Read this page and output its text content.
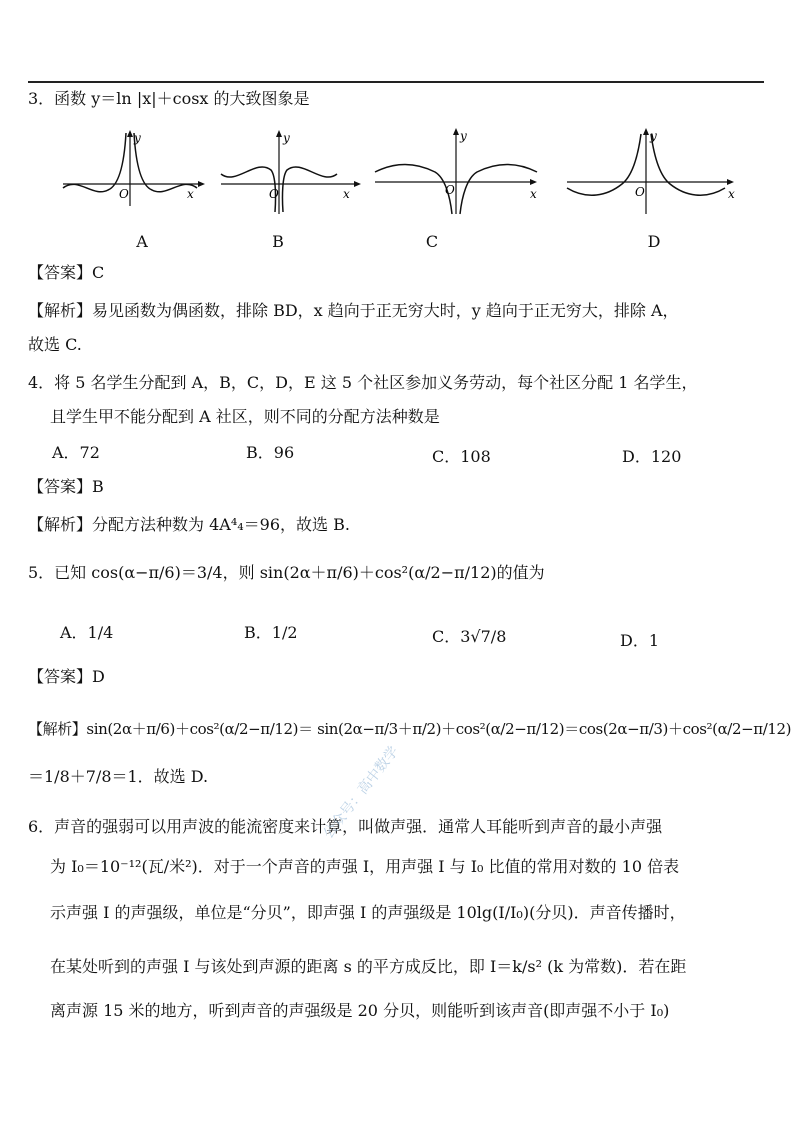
3．函数 y＝ln |x|＋cosx 的大致图象是
y
x
O
y
x
O
y
x
O
y
x
O
A	B	C	D
【答案】C
【解析】易见函数为偶函数，排除 BD，x 趋向于正无穷大时，y 趋向于正无穷大，排除 A，
故选 C.
4．将 5 名学生分配到 A，B，C，D，E 这 5 个社区参加义务劳动，每个社区分配 1 名学生，
且学生甲不能分配到 A 社区，则不同的分配方法种数是
A．72	B．96	C．108	D．120
【答案】B
【解析】分配方法种数为 4A⁴₄＝96，故选 B.
5．已知 cos(α−π/6)＝3/4，则 sin(2α＋π/6)＋cos²(α/2−π/12)的值为
A．1/4	B．1/2	C．3√7/8	D．1
【答案】D
【解析】sin(2α＋π/6)＋cos²(α/2−π/12)＝ sin(2α−π/3＋π/2)＋cos²(α/2−π/12)＝cos(2α−π/3)＋cos²(α/2−π/12)
＝1/8＋7/8＝1．故选 D.
6．声音的强弱可以用声波的能流密度来计算，叫做声强．通常人耳能听到声音的最小声强
为 I₀＝10⁻¹²(瓦/米²)．对于一个声音的声强 I，用声强 I 与 I₀ 比值的常用对数的 10 倍表
示声强 I 的声强级，单位是“分贝”，即声强 I 的声强级是 10lg(I/I₀)(分贝)．声音传播时，
在某处听到的声强 I 与该处到声源的距离 s 的平方成反比，即 I＝k/s² (k 为常数)．若在距
离声源 15 米的地方，听到声音的声强级是 20 分贝，则能听到该声音(即声强不小于 I₀)
公众号：高中数学
